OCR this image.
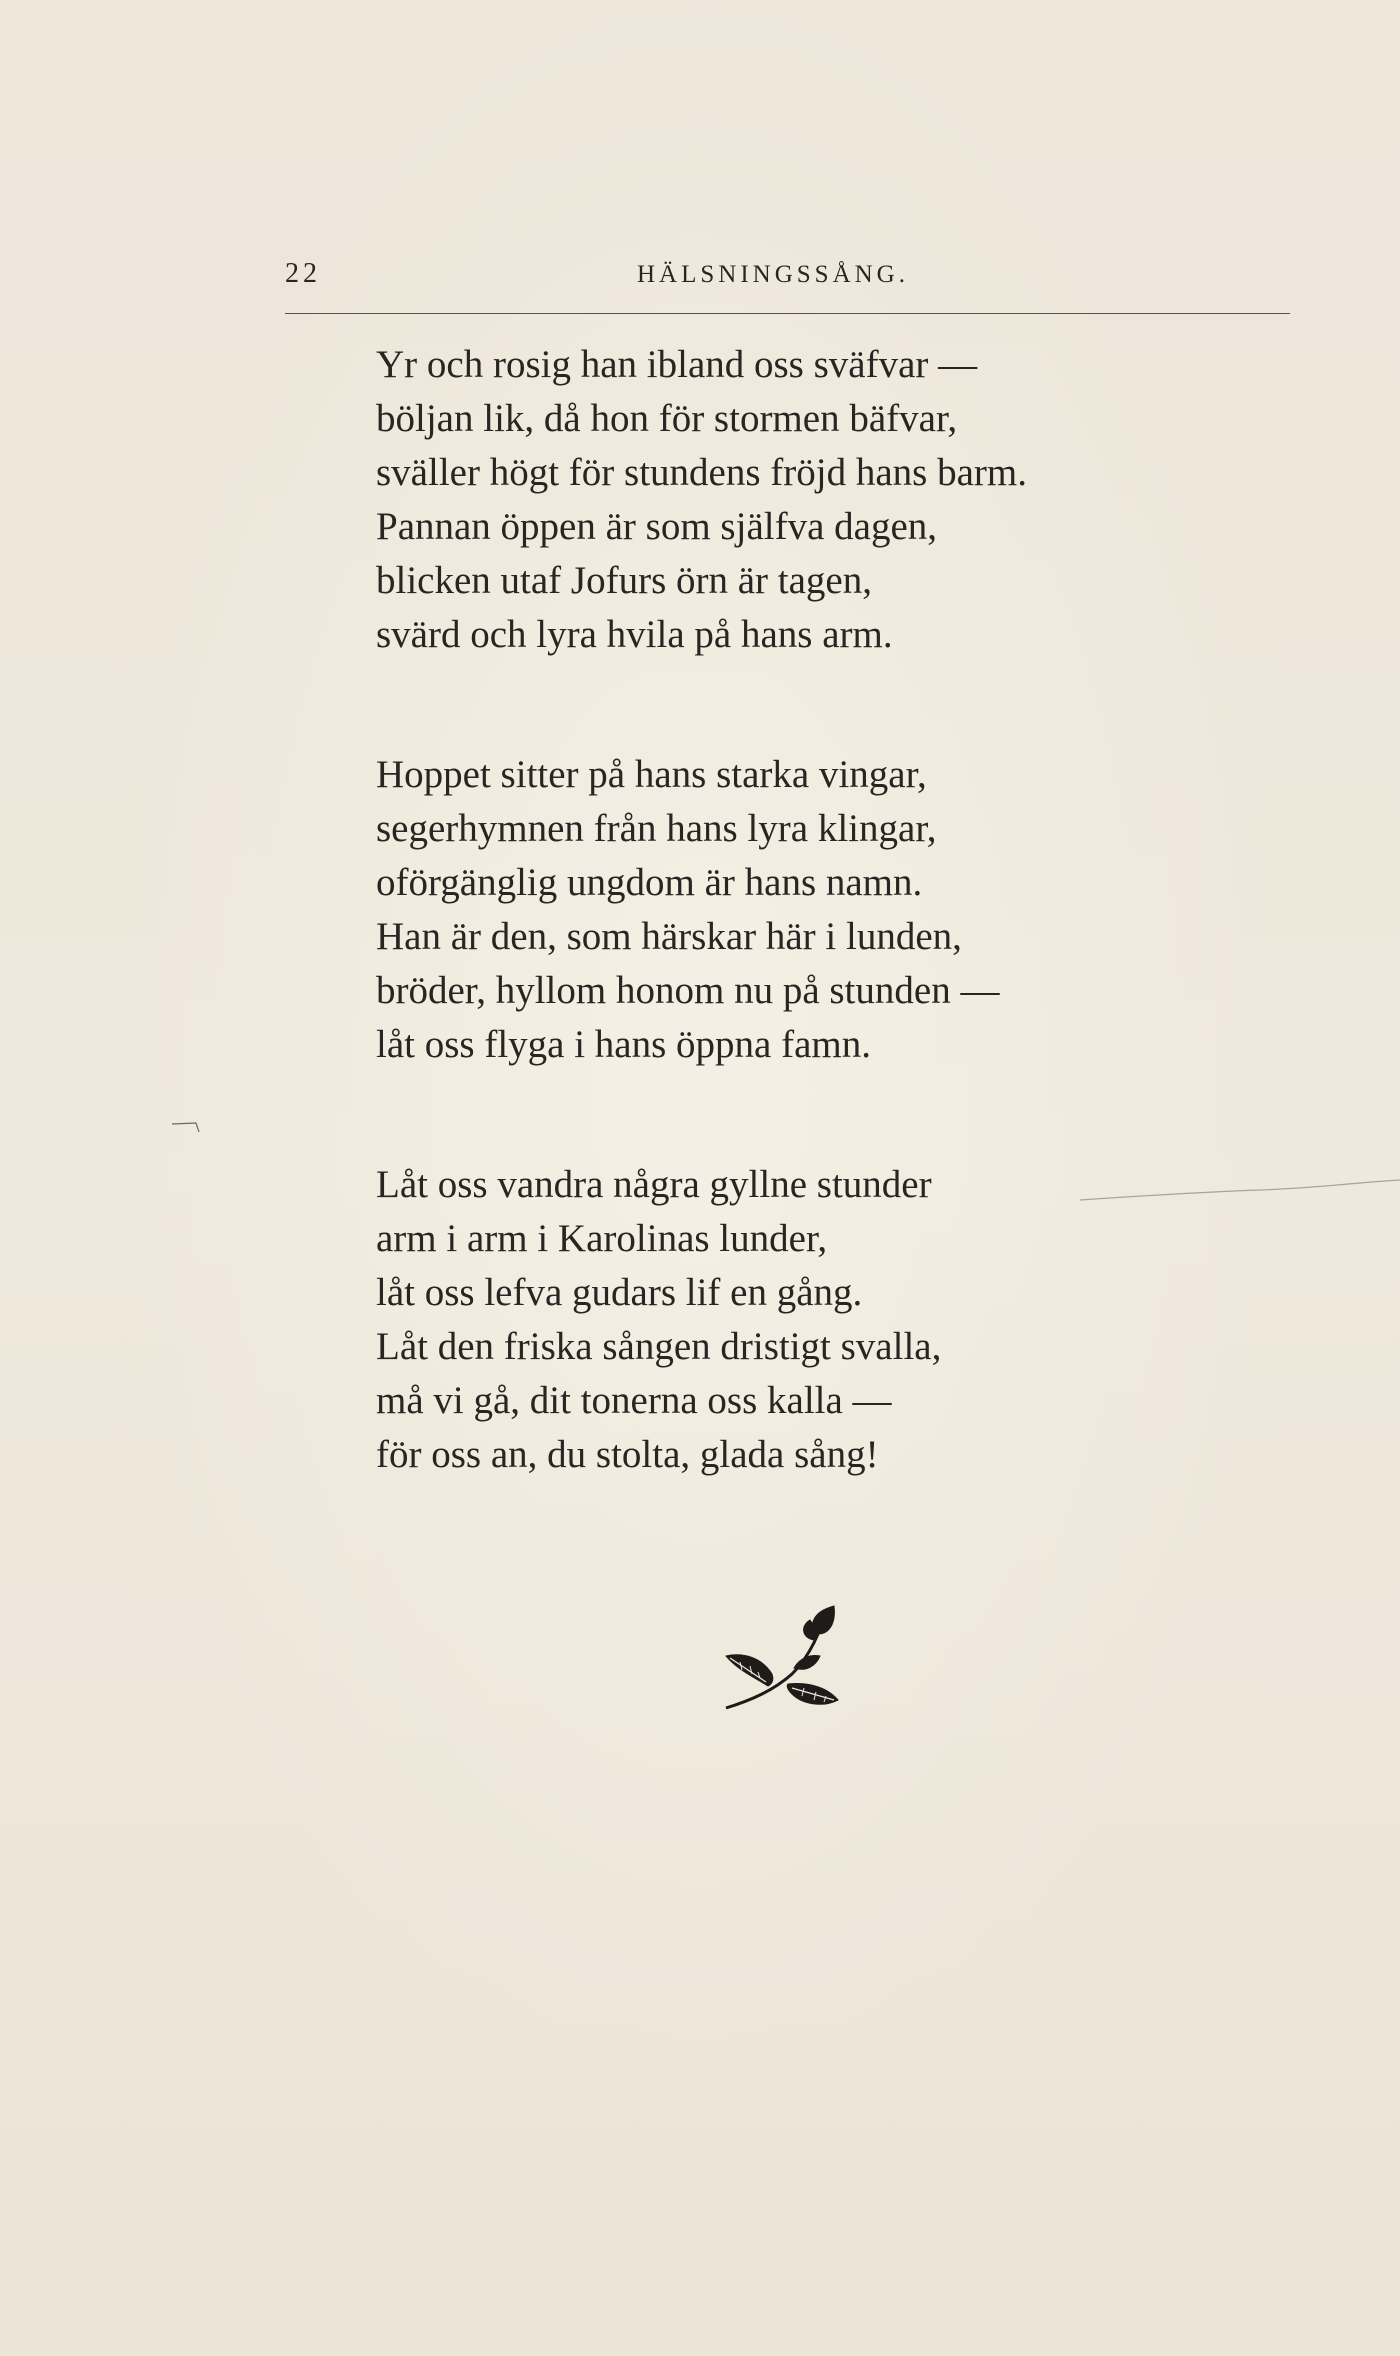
22	HÄLSNINGSSÅNG.
Yr och rosig han ibland oss sväfvar —
böljan lik, då hon för stormen bäfvar,
sväller högt för stundens fröjd hans barm.
Pannan öppen är som själfva dagen,
blicken utaf Jofurs örn är tagen,
svärd och lyra hvila på hans arm.
Hoppet sitter på hans starka vingar,
segerhymnen från hans lyra klingar,
oförgänglig ungdom är hans namn.
Han är den, som härskar här i lunden,
bröder, hyllom honom nu på stunden —
låt oss flyga i hans öppna famn.
Låt oss vandra några gyllne stunder
arm i arm i Karolinas lunder,
låt oss lefva gudars lif en gång.
Låt den friska sången dristigt svalla,
må vi gå, dit tonerna oss kalla —
för oss an, du stolta, glada sång!
